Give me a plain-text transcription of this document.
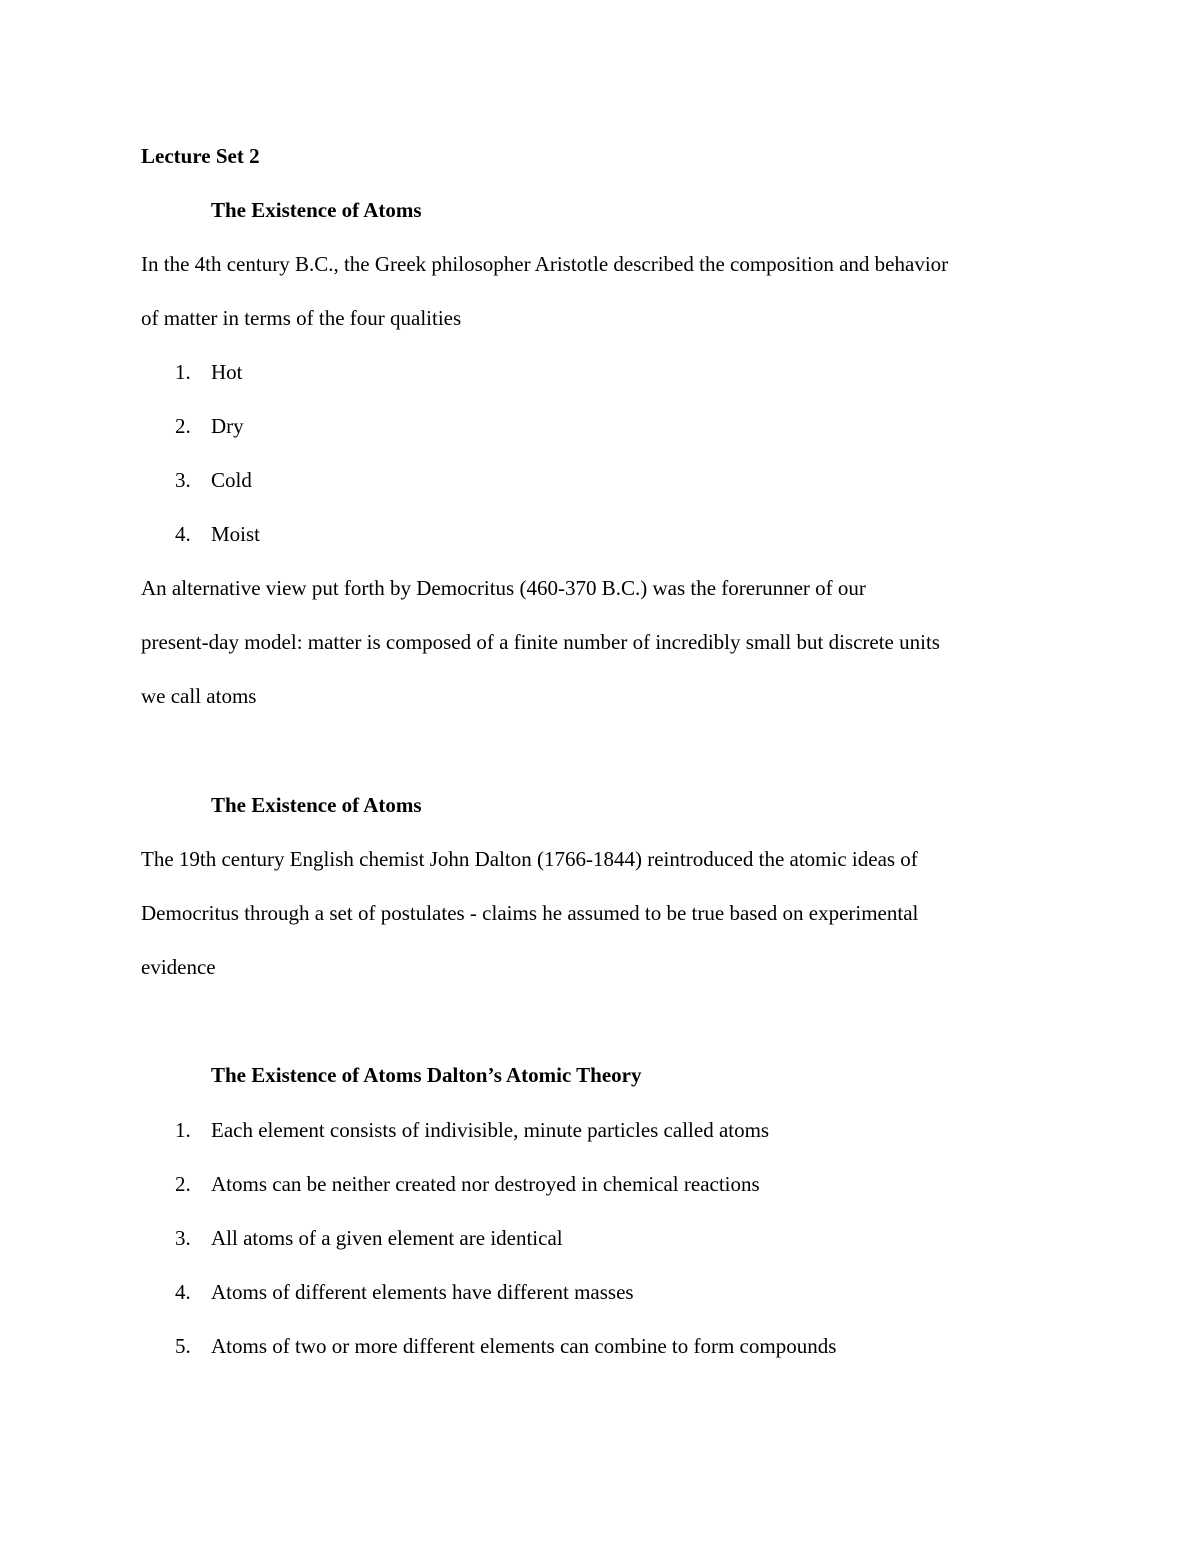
Lecture Set 2
The Existence of Atoms
In the 4th century B.C., the Greek philosopher Aristotle described the composition and behavior
of matter in terms of the four qualities
1. Hot
2. Dry
3. Cold
4. Moist
An alternative view put forth by Democritus (460-370 B.C.) was the forerunner of our
present-day model: matter is composed of a finite number of incredibly small but discrete units
we call atoms
The Existence of Atoms
The 19th century English chemist John Dalton (1766-1844) reintroduced the atomic ideas of
Democritus through a set of postulates - claims he assumed to be true based on experimental
evidence
The Existence of Atoms Dalton’s Atomic Theory
1. Each element consists of indivisible, minute particles called atoms
2. Atoms can be neither created nor destroyed in chemical reactions
3. All atoms of a given element are identical
4. Atoms of different elements have different masses
5. Atoms of two or more different elements can combine to form compounds
